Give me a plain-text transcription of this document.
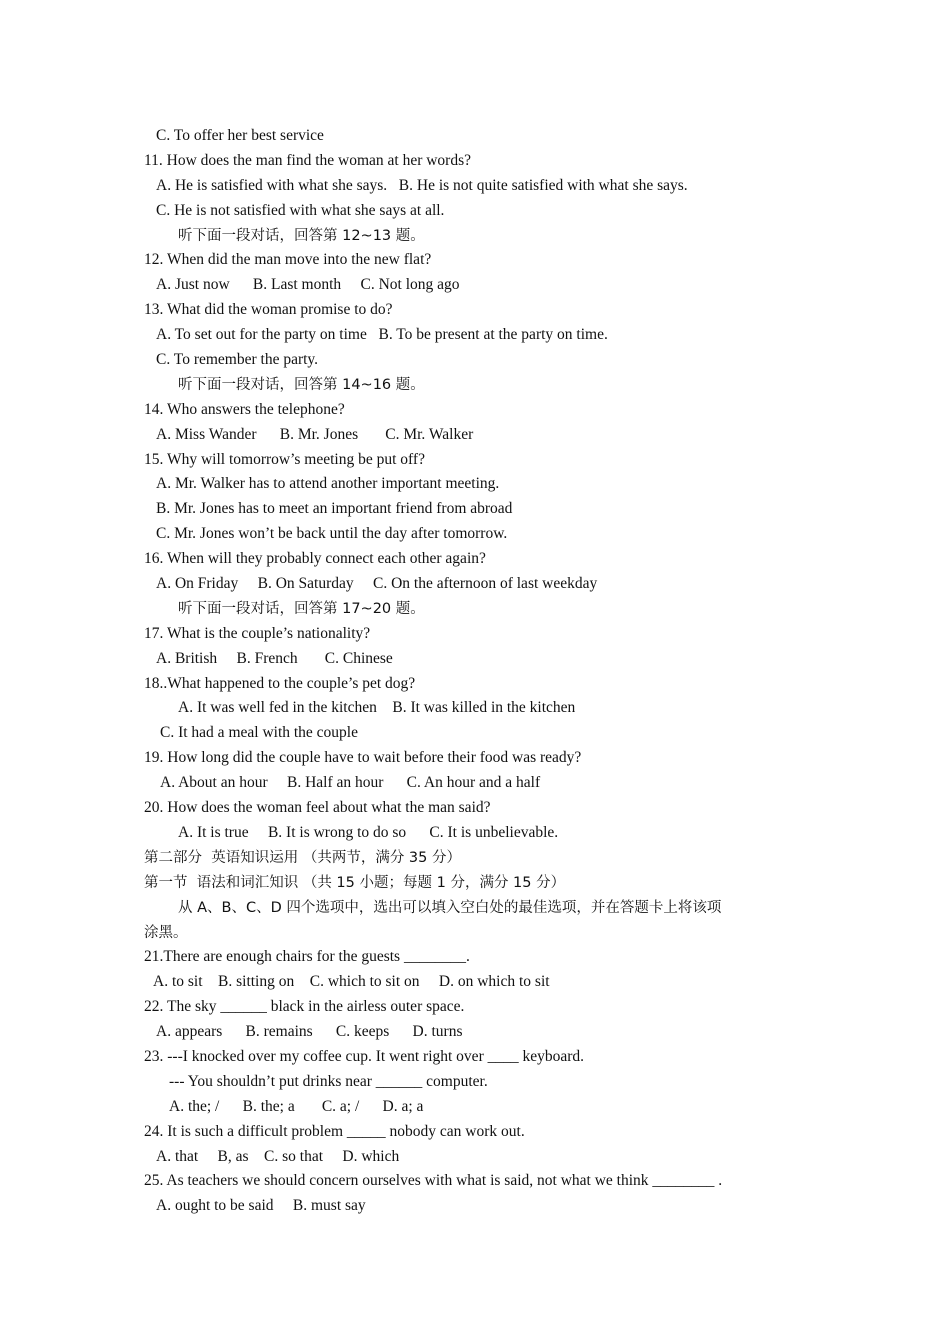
C. To offer her best service
11. How does the man find the woman at her words?
A. He is satisfied with what she says.   B. He is not quite satisfied with what she says.
C. He is not satisfied with what she says at all.
听下面一段对话，回答第 12~13 题。
12. When did the man move into the new flat?
A. Just now      B. Last month     C. Not long ago
13. What did the woman promise to do?
A. To set out for the party on time   B. To be present at the party on time.
C. To remember the party.
听下面一段对话，回答第 14~16 题。
14. Who answers the telephone?
A. Miss Wander      B. Mr. Jones       C. Mr. Walker
15. Why will tomorrow’s meeting be put off?
A. Mr. Walker has to attend another important meeting.
B. Mr. Jones has to meet an important friend from abroad
C. Mr. Jones won’t be back until the day after tomorrow.
16. When will they probably connect each other again?
A. On Friday     B. On Saturday     C. On the afternoon of last weekday
听下面一段对话，回答第 17~20 题。
17. What is the couple’s nationality?
A. British     B. French       C. Chinese
18..What happened to the couple’s pet dog?
A. It was well fed in the kitchen    B. It was killed in the kitchen
C. It had a meal with the couple
19. How long did the couple have to wait before their food was ready?
A. About an hour     B. Half an hour      C. An hour and a half
20. How does the woman feel about what the man said?
A. It is true     B. It is wrong to do so      C. It is unbelievable.
第二部分  英语知识运用 （共两节，满分 35 分）
第一节  语法和词汇知识 （共 15 小题；每题 1 分，满分 15 分）
从 A、B、C、D 四个选项中，选出可以填入空白处的最佳选项，并在答题卡上将该项
涂黑。
21.There are enough chairs for the guests ________.
A. to sit    B. sitting on    C. which to sit on     D. on which to sit
22. The sky ______ black in the airless outer space.
A. appears      B. remains      C. keeps      D. turns
23. ---I knocked over my coffee cup. It went right over ____ keyboard.
--- You shouldn’t put drinks near ______ computer.
A. the; /      B. the; a       C. a; /      D. a; a
24. It is such a difficult problem _____ nobody can work out.
A. that     B, as    C. so that     D. which
25. As teachers we should concern ourselves with what is said, not what we think ________ .
A. ought to be said     B. must say
